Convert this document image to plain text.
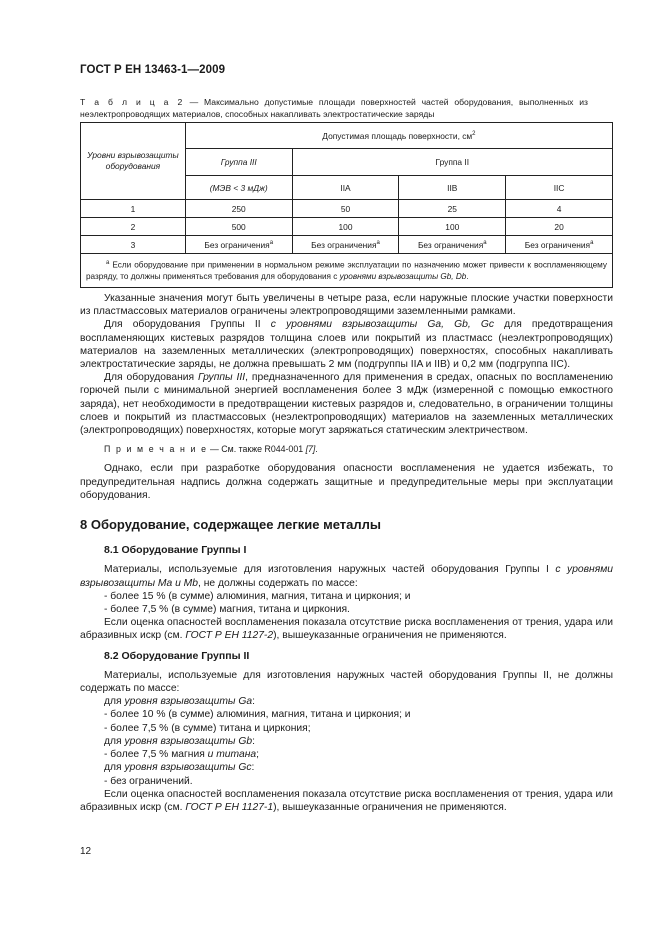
ГОСТ Р ЕН 13463-1—2009
Т а б л и ц а 2 — Максимально допустимые площади поверхностей частей оборудования, выполненных из неэлектропроводящих материалов, способных накапливать электростатические заряды
Уровни взрывозащиты оборудования	Допустимая площадь поверхности, $см^2$
	Группа III	Группа II		
	(МЭВ < 3 мДж)	IIA	IIB	IIC
1	250	50	25	4
2	500	100	100	20
3	Без ограничения$^а$	Без ограничения$^а$	Без ограничения$^а$	Без ограничения$^а$
$^а$ Если оборудование при применении в нормальном режиме эксплуатации по назначению может привести к воспламеняющему разряду, то должны применяться требования для оборудования с уровнями взрывозащиты Gb, Db.				

Указанные значения могут быть увеличены в четыре раза, если наружные плоские участки поверхности из пластмассовых материалов ограничены электропроводящими заземленными рамками.

Для оборудования Группы II с уровнями взрывозащиты Ga, Gb, Gc для предотвращения воспламеняющих кистевых разрядов толщина слоев или покрытий из пластмасс (неэлектропроводящих) материалов на заземленных металлических (электропроводящих) поверхностях, способных накапливать электростатические заряды, не должна превышать 2 мм (подгруппы IIA и IIB) и 0,2 мм (подгруппа IIC).

Для оборудования Группы III, предназначенного для применения в средах, опасных по воспламенению горючей пыли с минимальной энергией воспламенения более 3 мДж (измеренной с помощью емкостного заряда), нет необходимости в предотвращении кистевых разрядов и, следовательно, в ограничении толщины слоев и покрытий из пластмассовых (неэлектропроводящих) материалов на заземленных металлических (электропроводящих) поверхностях, которые могут заряжаться статическим электричеством.

П р и м е ч а н и е — См. также R044-001 [7].

Однако, если при разработке оборудования опасности воспламенения не удается избежать, то предупредительная надпись должна содержать защитные и предупредительные меры при эксплуатации оборудования.

8 Оборудование, содержащее легкие металлы
8.1 Оборудование Группы I

Материалы, используемые для изготовления наружных частей оборудования Группы I с уровнями взрывозащиты Ma и Mb, не должны содержать по массе:

- более 15 % (в сумме) алюминия, магния, титана и циркония; и

- более 7,5 % (в сумме) магния, титана и циркония.

Если оценка опасностей воспламенения показала отсутствие риска воспламенения от трения, удара или абразивных искр (см. ГОСТ Р ЕН 1127-2), вышеуказанные ограничения не применяются.

8.2 Оборудование Группы II

Материалы, используемые для изготовления наружных частей оборудования Группы II, не должны содержать по массе:

для уровня взрывозащиты Ga:

- более 10 % (в сумме) алюминия, магния, титана и циркония; и

- более 7,5 % (в сумме) титана и циркония;

для уровня взрывозащиты Gb:

- более 7,5 % магния и титана;

для уровня взрывозащиты Gc:

- без ограничений.

Если оценка опасностей воспламенения показала отсутствие риска воспламенения от трения, удара или абразивных искр (см. ГОСТ Р ЕН 1127-1), вышеуказанные ограничения не применяются.

12
